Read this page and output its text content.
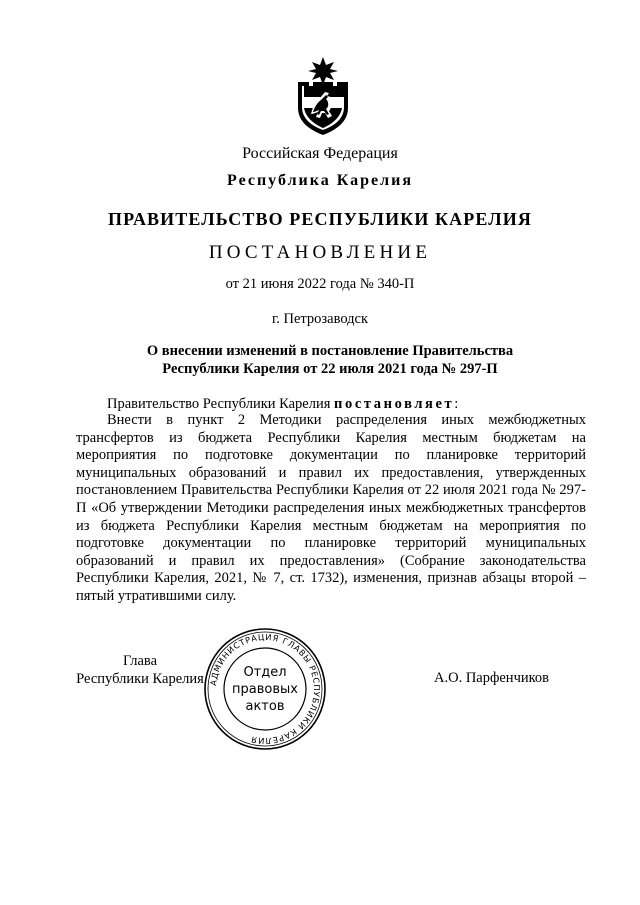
Российская Федерация
Республика Карелия
ПРАВИТЕЛЬСТВО РЕСПУБЛИКИ КАРЕЛИЯ
ПОСТАНОВЛЕНИЕ
от 21 июня 2022 года № 340-П
г. Петрозаводск
О внесении изменений в постановление Правительства
Республики Карелия от 22 июля 2021 года № 297-П
Правительство Республики Карелия постановляет:

Внести в пункт 2 Методики распределения иных межбюджетных трансфертов из бюджета Республики Карелия местным бюджетам на мероприятия по подготовке документации по планировке территорий муниципальных образований и правил их предоставления, утвержденных постановлением Правительства Республики Карелия от 22 июля 2021 года № 297-П «Об утверждении Методики распределения иных межбюджетных трансфертов из бюджета Республики Карелия местным бюджетам на мероприятия по подготовке документации по планировке территорий муниципальных образований и правил их предоставления» (Собрание законодательства Республики Карелия, 2021, № 7, ст. 1732), изменения, признав абзацы второй – пятый утратившими силу.

Глава
Республики Карелия АДМИНИСТРАЦИЯ ГЛАВЫ РЕСПУБЛИКИ КАРЕЛИЯ
Отдел
правовых
актов
А.О. Парфенчиков
